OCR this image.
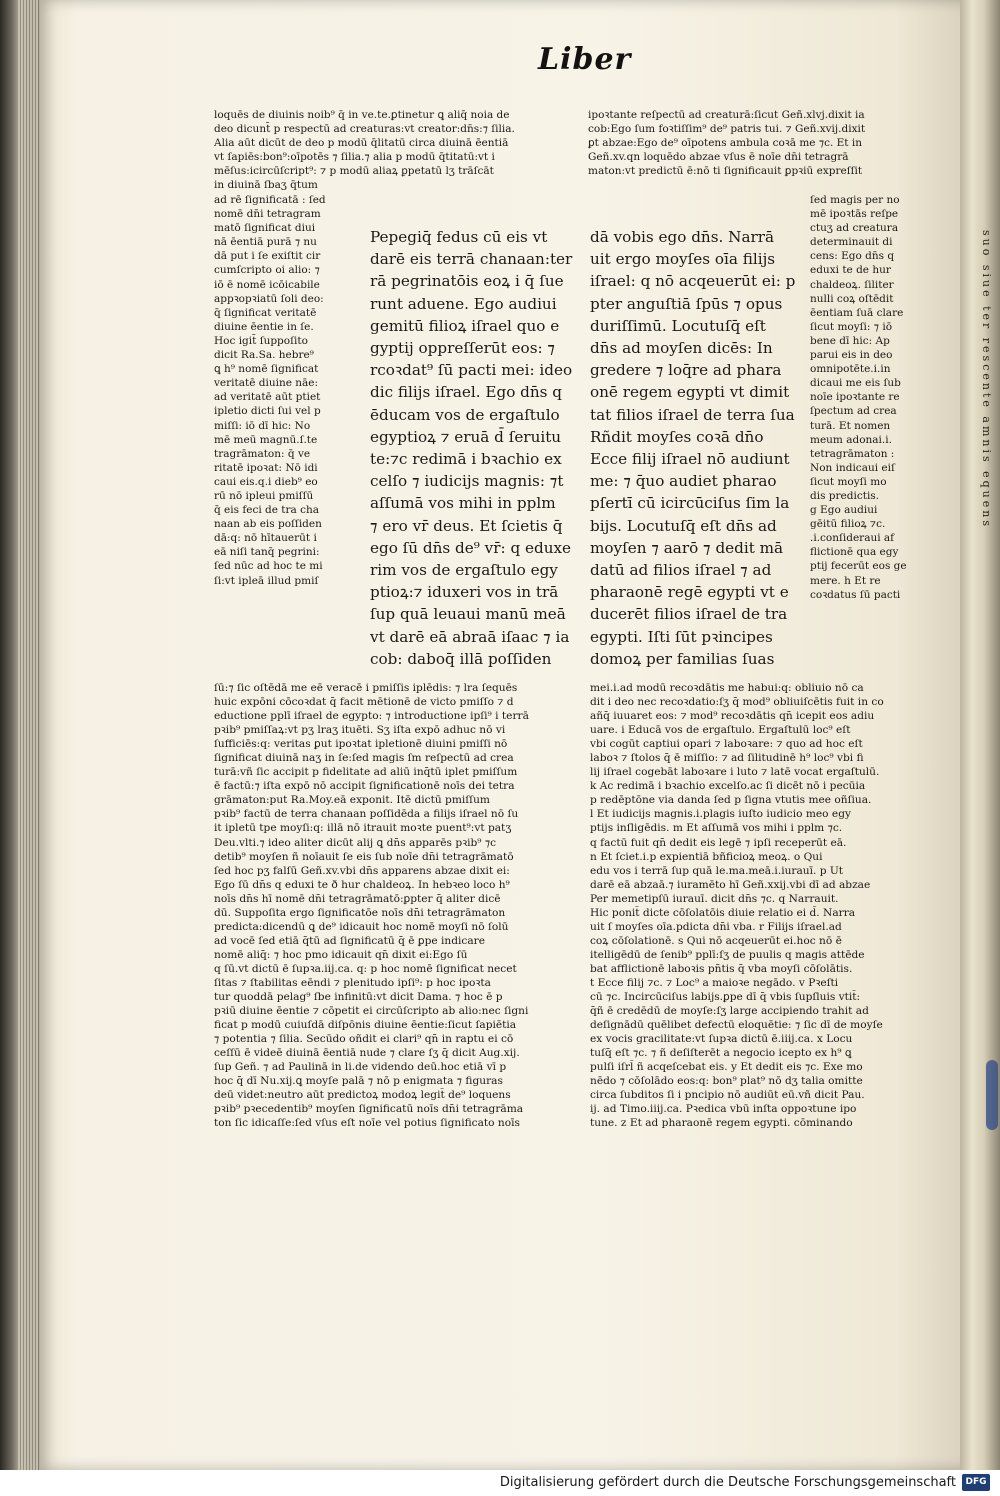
suo siue ter rescente amnis equens
Liber
loquēs de diuinis noib⁹ q̄ in ve.te.ꝑtinetur ꝗ aliq̄ noia de
deo dicunt̄ p respectū ad creaturas:vt creator:dn̄s:⁊ ſilia.
Alia aūt dicūt de deo p modū q̄litatū circa diuinā ēentiā
vt ſapiēs:bon⁹:oīpotēs ⁊ ſilia.⁊ alia p modū q̄titatū:vt i
mēſus:icircūſcript⁹: ⁊ p modū aliaꝝ ꝑpetatū lʒ trāſcāt
in diuinā ſbaʒ q̄tum
ad rē ſignificatā : ſed
nomē dn̄i tetragram
matō ſignificat diui
nā ēentiā purā ⁊ nu
dā put i ſe exiſtit cir
cumſcripto oi alio: ⁊
iō ē nomē icōicabile
appꝛopꝛiatū ſoli deo:
q̄ ſignificat veritatē
diuine ēentie in ſe.
Hoc igit̄ ſuppoſito
dicit Ra.Sa. hebre⁹
ꝗ h⁹ nomē ſignificat
veritatē diuine nāe:
ad veritatē aūt ptiet
ipletio dicti ſui vel p
miſſi: iō dī hic: No
mē meū magnū.ſ.te
tragrāmaton: q̄ ve
ritatē ipoꝛat: Nō idi
caui eis.q.i dieb⁹ eo
rū nō ipleui pmiſſū
q̄ eis feci de tra cha
naan ab eis poſſiden
dā:q: nō hītauerūt i
eā niſi tanq̄ pegrini:
ſed nūc ad hoc te mi
ſi:vt ipleā illud pmiſ
Pepegiq̄ fedus cū eis vt
darē eis terrā chanaan:ter
rā pegrinatōis eoꝝ i q̄ ſue
runt aduene. Ego audiui
gemitū filioꝝ iſrael quo e
gyptij oppreſſerūt eos: ⁊
rcoꝛdat⁹ ſū pacti mei: ideo
dic filijs iſrael. Ego dn̄s q
ēducam vos de ergaſtulo
egyptioꝝ ⁊ eruā d̄ ſeruitu
te:⁊c redimā i bꝛachio ex
celſo ⁊ iudicijs magnis: ⁊t
aſſumā vos mihi in pplm
⁊ ero vr̄ deus. Et ſcietis q̄
ego ſū dn̄s de⁹ vr̄: q eduxe
rim vos de ergaſtulo egy
ptioꝝ:⁊ iduxeri vos in trā
ſup quā leuaui manū meā
vt darē eā abraā iſaac ⁊ ia
cob: daboq̄ illā poſſiden
ipoꝛtante reſpectū ad creaturā:ſicut Geñ.xlvj.dixit ia
cob:Ego ſum foꝛtiſſim⁹ de⁹ patris tui. ⁊ Geñ.xvij.dixit
ꝑt abzae:Ego de⁹ oīpotens ambula coꝛā me ⁊c. Et in
Geñ.xv.qn loquēdo abzae vſus ē noīe dn̄i tetragrā
maton:vt predictū ē:nō ti ſignificauit ꝑpꝛiū expreſſit
dā vobis ego dn̄s. Narrā
uit ergo moyſes oīa filijs
iſrael: q nō acqeuerūt ei: p
pter anguſtiā ſpūs ⁊ opus
duriſſimū. Locutuſq̄ eſt
dn̄s ad moyſen dicēs: In
gredere ⁊ loq̄re ad phara
onē regem egypti vt dimit
tat filios iſrael de terra ſua
Rñdit moyſes coꝛā dn̄o
Ecce filij iſrael nō audiunt
me: ⁊ q̄uo audiet pharao
pſertī cū icircūciſus ſim la
bijs. Locutuſq̄ eſt dn̄s ad
moyſen ⁊ aarō ⁊ dedit mā
datū ad filios iſrael ⁊ ad
pharaonē regē egypti vt e
ducerēt filios iſrael de tra
egypti. Iſti ſūt pꝛincipes
domoꝝ per familias ſuas
ſed magis per no
mē ipoꝛtās reſpe
ctuʒ ad creatura
determinauit di
cens: Ego dn̄s q
eduxi te de hur
chaldeoꝝ. ſiliter
nulli coꝝ oſtēdit
ēentiam ſuā clare
ſicut moyſi: ⁊ iō
bene dī hic: Ap
parui eis in deo
omnipotēte.i.in
dicaui me eis ſub
noīe ipoꝛtante re
ſpectum ad crea
turā. Et nomen
meum adonai.i.
tetragrāmaton :
Non indicaui eiſ
ſicut moyſi mo
dis predictis.
g Ego audiui
gēitū filioꝝ ⁊c.
.i.conſideraui af
flictionē qua egy
ptij fecerūt eos ge
mere. h Et re
coꝛdatus ſū pacti
ſū:⁊ ſic oſtēdā me eē veracē i pmiſſis iplēdis: ⁊ lra ſequēs
huic expōni cōcoꝛdat q̄ facit mētionē de victo pmiſſo ⁊ d
eductione pplī iſrael de egypto: ⁊ introductione ipſi⁹ i terrā
pꝛib⁹ pmiſſaꝝ:vt pʒ lraʒ ituēti. Sʒ iſta expō adhuc nō vi
ſufficiēs:q: veritas ꝑut ipoꝛtat ipletionē diuini pmiſſi nō
ſignificat diuinā naʒ in ſe:ſed magis ſm reſpectū ad crea
turā:vñ ſic accipit p fidelitate ad aliū inq̄tū iplet pmiſſum
ē factū:⁊ iſta expō nō accipit ſignificationē noīs dei tetra
grāmaton:put Ra.Moy.eā exponit. Itē dictū pmiſſum
pꝛib⁹ factū de terra chanaan poſſidēda a filijs iſrael nō ſu
it ipletū tpe moyſi:q: illā nō itrauit moꝛte puent⁹:vt patʒ
Deu.vlti.⁊ ideo aliter dicūt alij ꝗ dn̄s apparēs pꝛib⁹ ⁊c
detib⁹ moyſen ñ noīauit ſe eis ſub noīe dn̄i tetragrāmatō
ſed hoc pʒ falſū Geñ.xv.vbi dn̄s apparens abzae dixit ei:
Ego ſū dn̄s q eduxi te ð hur chaldeoꝝ. In hebꝛeo loco h⁹
noīs dn̄s hī nomē dn̄i tetragrāmatō:ꝑpter q̄ aliter dicē
dū. Suppoſita ergo ſignificatōe noīs dn̄i tetragrāmaton
predicta:dicendū ꝗ de⁹ idicauit hoc nomē moyſi nō ſolū
ad vocē ſed etiā q̄tū ad ſignificatū q̄ ē ꝑpe indicare
nomē aliq̄: ⁊ hoc pmo idicauit qn̄ dixit ei:Ego ſū
q ſū.vt dictū ē ſupꝛa.iij.ca. q: p hoc nomē ſignificat necet
ſitas ⁊ ſtabilitas eēndi ⁊ plenitudo ipſi⁹: p hoc ipoꝛta
tur quoddā pelag⁹ ſbe infinitū:vt dicit Dama. ⁊ hoc ē p
pꝛiū diuine ēentie ⁊ cōpetit ei circūſcripto ab alio:nec ſigni
ficat p modū cuiuſdā diſpōnis diuine ēentie:ſicut ſapiētia
⁊ potentia ⁊ ſilia. Secūdo oñdit ei clari⁹ qn̄ in raptu ei cō
ceſſū ē videē diuinā ēentiā nude ⁊ clare ſʒ q̄ dicit Aug.xij.
ſup Geñ. ⁊ ad Paulinā in li.de videndo deū.hoc etiā vī p
hoc q̄ dī Nu.xij.ꝗ moyſe palā ⁊ nō p enigmata ⁊ figuras
deū videt:neutro aūt predictoꝝ modoꝝ legit̄ de⁹ loquens
pꝛib⁹ pꝛecedentib⁹ moyſen ſignificatū noīs dn̄i tetragrāma
ton ſic idicaſſe:ſed vſus eſt noīe vel potius ſignificato noīs
mei.i.ad modū recoꝛdātis me habui:q: obliuio nō ca
dit i deo nec recoꝛdatio:ſʒ q̄ mod⁹ obliuiſcētis fuit in co
añq̄ iuuaret eos: ⁊ mod⁹ recoꝛdātis qn̄ icepit eos adiu
uare. i Educā vos de ergaſtulo. Ergaſtulū loc⁹ eſt
vbi cogūt captiui opari ⁊ laboꝛare: ⁊ quo ad hoc eſt
laboꝛ ⁊ ſtolos q̄ ē miſſio: ⁊ ad ſilitudinē h⁹ loc⁹ vbi fi
lij iſrael cogebāt laboꝛare i luto ⁊ latē vocat ergaſtulū.
k Ac redimā i bꝛachio excelſo.ac ſi dicēt nō i pecūia
p redēptōne via danda ſed p ſigna vtutis mee oñſiua.
l Et iudicijs magnis.i.plagis iuſto iudicio meo egy
ptijs inſligēdis. m Et aſſumā vos mihi i pplm ⁊c.
q factū fuit qn̄ dedit eis legē ⁊ ipſi receperūt eā.
n Et ſciet.i.p expientiā bñficioꝝ meoꝝ. o Qui
edu vos i terrā ſup quā le.ma.meā.i.iurauī. p Ut
darē eā abzaā.⁊ iuramēto hī Geñ.xxij.vbi dī ad abzae
Per memetipſū iurauī. dicit dn̄s ⁊c. q Narrauit.
Hic ponit̄ dicte cōſolatōis diuie relatio ei d̄. Narra
uit ſ moyſes oīa.pdicta dn̄i vba. r Filijs iſrael.ad
coꝝ cōſolationē. s Qui nō acqeuerūt ei.hoc nō ē
itelligēdū de ſenib⁹ pplī:ſʒ de puulis q magis attēde
bat afflictionē laboꝛis pn̄tis q̄ vba moyſi cōſolātis.
t Ecce filij ⁊c. ⁊ Loc⁹ a maioꝛe negādo. v Pꝛeſti
cū ⁊c. Incircūciſus labijs.ꝑpe dī q̄ vbis ſupſluis vtit̄:
q̄ñ ē credēdū de moyſe:ſʒ large accipiendo trahit ad
deſignādū quēlibet defectū eloquētie: ⁊ ſic dī de moyſe
ex vocis gracilitate:vt ſupꝛa dictū ē.iiij.ca. x Locu
tuſq̄ eſt ⁊c. ⁊ ñ deſiſterēt a negocio icepto ex h⁹ ꝗ
pulſi iſrl̄ ñ acqeſcebat eis. y Et dedit eis ⁊c. Exe mo
nēdo ⁊ cōſolādo eos:q: bon⁹ plat⁹ nō dʒ talia omitte
circa ſubditos ſi i pncipio nō audiūt eū.vñ dicit Pau.
ij. ad Timo.iiij.ca. Pꝛedica vbū inſta oppoꝛtune ipo
tune. z Et ad pharaonē regem egypti. cōminando
Digitalisierung gefördert durch die Deutsche Forschungsgemeinschaft	DFG
